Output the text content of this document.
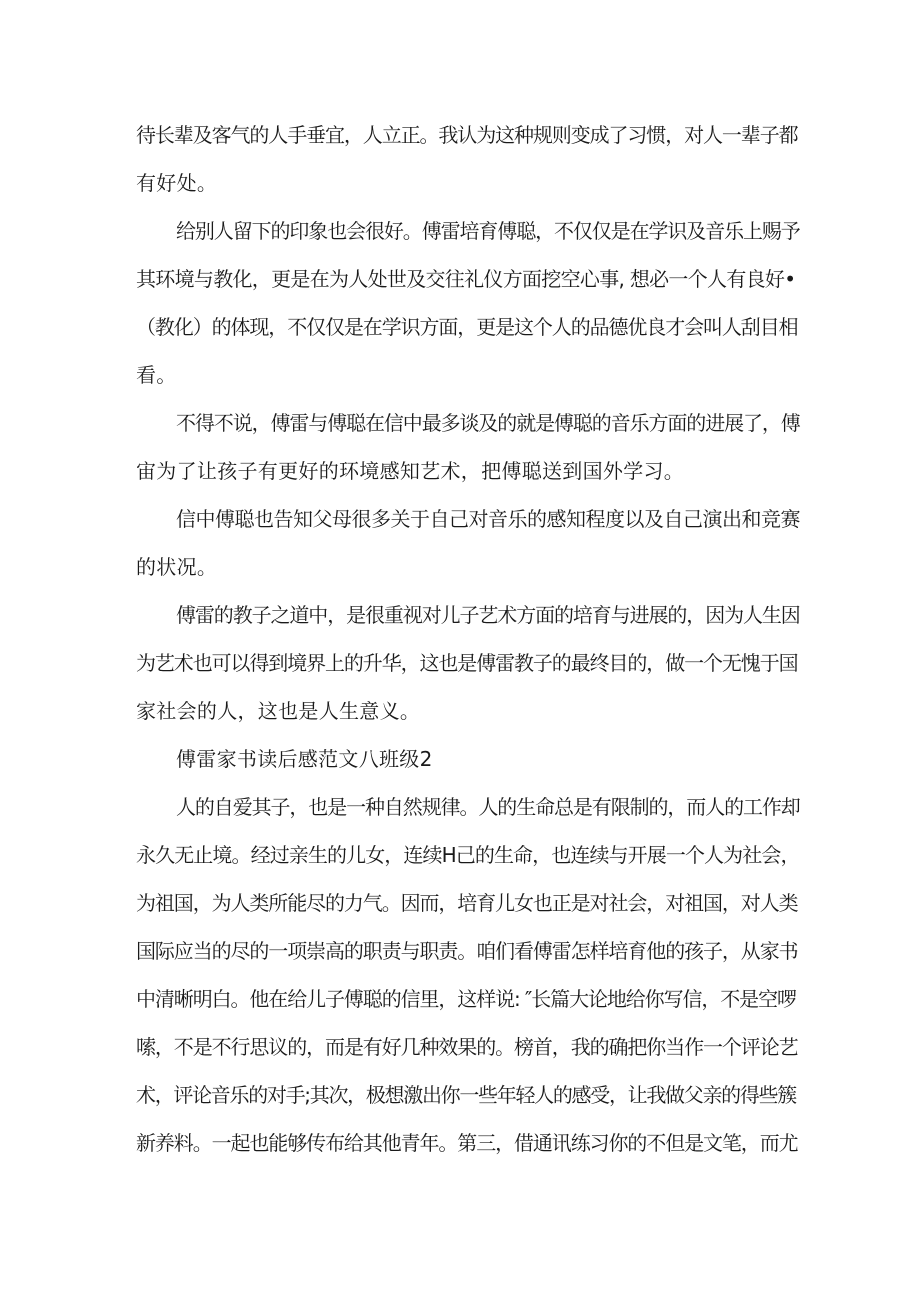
待长辈及客气的人手垂宜，人立正。我认为这种规则变成了习惯，对人一辈子都
有好处。
给别人留下的印象也会很好。傅雷培育傅聪，不仅仅是在学识及音乐上赐予
其环境与教化，更是在为人处世及交往礼仪方面挖空心事, 想必一个人有良好•
（教化）的体现，不仅仅是在学识方面，更是这个人的品德优良才会叫人刮目相
看。
不得不说，傅雷与傅聪在信中最多谈及的就是傅聪的音乐方面的进展了，傅
宙为了让孩子有更好的环境感知艺术，把傅聪送到国外学习。
信中傅聪也告知父母很多关于自己对音乐的感知程度以及自己演出和竞赛
的状况。
傅雷的教子之道中，是很重视对儿子艺术方面的培育与进展的，因为人生因
为艺术也可以得到境界上的升华，这也是傅雷教子的最终目的，做一个无愧于国
家社会的人，这也是人生意义。
傅雷家书读后感范文八班级2
人的自爱其子，也是一种自然规律。人的生命总是有限制的，而人的工作却
永久无止境。经过亲生的儿女，连续H己的生命，也连续与开展一个人为社会，
为祖国，为人类所能尽的力气。因而，培育儿女也正是对社会，对祖国，对人类
国际应当的尽的一项崇高的职责与职责。咱们看傅雷怎样培育他的孩子，从家书
中清晰明白。他在给儿子傅聪的信里，这样说: ″长篇大论地给你写信，不是空啰
嗦，不是不行思议的，而是有好几种效果的。榜首，我的确把你当作一个评论艺
术，评论音乐的对手;其次，极想激出你一些年轻人的感受，让我做父亲的得些簇
新养料。一起也能够传布给其他青年。第三，借通讯练习你的不但是文笔，而尤
